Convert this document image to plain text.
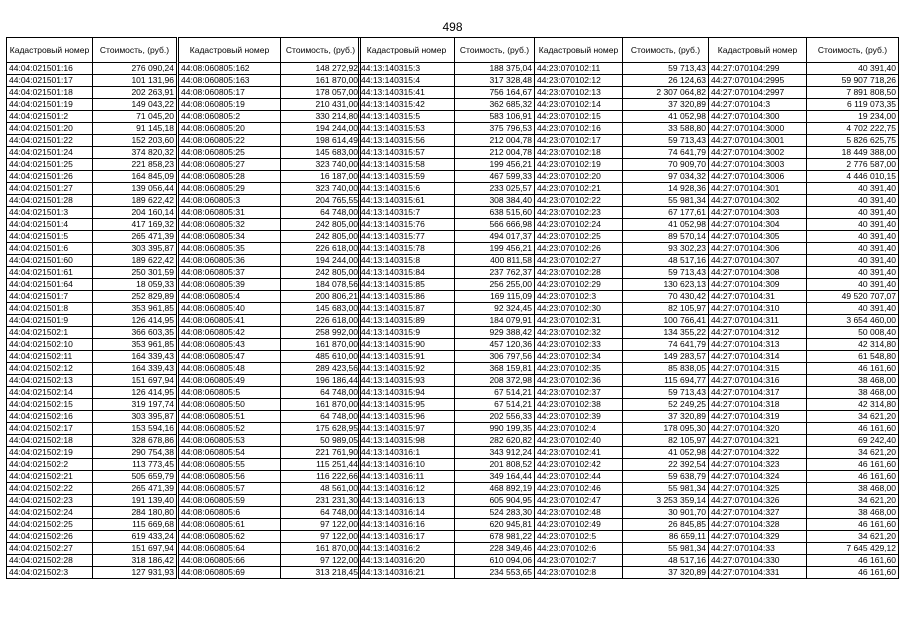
498
Кадастровый номер	Стоимость, (руб.)
44:04:021501:16	276 090,24
44:04:021501:17	101 131,96
44:04:021501:18	202 263,91
44:04:021501:19	149 043,22
44:04:021501:2	71 045,20
44:04:021501:20	91 145,18
44:04:021501:22	152 203,60
44:04:021501:24	374 820,32
44:04:021501:25	221 858,23
44:04:021501:26	164 845,09
44:04:021501:27	139 056,44
44:04:021501:28	189 622,42
44:04:021501:3	204 160,14
44:04:021501:4	417 169,32
44:04:021501:5	265 471,39
44:04:021501:6	303 395,87
44:04:021501:60	189 622,42
44:04:021501:61	250 301,59
44:04:021501:64	18 059,33
44:04:021501:7	252 829,89
44:04:021501:8	353 961,85
44:04:021501:9	126 414,95
44:04:021502:1	366 603,35
44:04:021502:10	353 961,85
44:04:021502:11	164 339,43
44:04:021502:12	164 339,43
44:04:021502:13	151 697,94
44:04:021502:14	126 414,95
44:04:021502:15	319 197,74
44:04:021502:16	303 395,87
44:04:021502:17	153 594,16
44:04:021502:18	328 678,86
44:04:021502:19	290 754,38
44:04:021502:2	113 773,45
44:04:021502:21	505 659,79
44:04:021502:22	265 471,39
44:04:021502:23	191 139,40
44:04:021502:24	284 180,80
44:04:021502:25	115 669,68
44:04:021502:26	619 433,24
44:04:021502:27	151 697,94
44:04:021502:28	318 186,42
44:04:021502:3	127 931,93
Кадастровый номер	Стоимость, (руб.)
44:08:060805:162	148 272,92
44:08:060805:163	161 870,00
44:08:060805:17	178 057,00
44:08:060805:19	210 431,00
44:08:060805:2	330 214,80
44:08:060805:20	194 244,00
44:08:060805:22	198 614,49
44:08:060805:25	145 683,00
44:08:060805:27	323 740,00
44:08:060805:28	16 187,00
44:08:060805:29	323 740,00
44:08:060805:3	204 765,55
44:08:060805:31	64 748,00
44:08:060805:32	242 805,00
44:08:060805:34	242 805,00
44:08:060805:35	226 618,00
44:08:060805:36	194 244,00
44:08:060805:37	242 805,00
44:08:060805:39	184 078,56
44:08:060805:4	200 806,21
44:08:060805:40	145 683,00
44:08:060805:41	226 618,00
44:08:060805:42	258 992,00
44:08:060805:43	161 870,00
44:08:060805:47	485 610,00
44:08:060805:48	289 423,56
44:08:060805:49	196 186,44
44:08:060805:5	64 748,00
44:08:060805:50	161 870,00
44:08:060805:51	64 748,00
44:08:060805:52	175 628,95
44:08:060805:53	50 989,05
44:08:060805:54	221 761,90
44:08:060805:55	115 251,44
44:08:060805:56	116 222,66
44:08:060805:57	48 561,00
44:08:060805:59	231 231,30
44:08:060805:6	64 748,00
44:08:060805:61	97 122,00
44:08:060805:62	97 122,00
44:08:060805:64	161 870,00
44:08:060805:66	97 122,00
44:08:060805:69	313 218,45
Кадастровый номер	Стоимость, (руб.)
44:13:140315:3	188 375,04
44:13:140315:4	317 328,48
44:13:140315:41	756 164,67
44:13:140315:42	362 685,32
44:13:140315:5	583 106,91
44:13:140315:53	375 796,53
44:13:140315:56	212 004,78
44:13:140315:57	212 004,78
44:13:140315:58	199 456,21
44:13:140315:59	467 599,33
44:13:140315:6	233 025,57
44:13:140315:61	308 384,40
44:13:140315:7	638 515,60
44:13:140315:76	566 666,98
44:13:140315:77	494 017,37
44:13:140315:78	199 456,21
44:13:140315:8	400 811,58
44:13:140315:84	237 762,37
44:13:140315:85	256 255,00
44:13:140315:86	169 115,09
44:13:140315:87	92 324,45
44:13:140315:89	184 079,91
44:13:140315:9	929 388,42
44:13:140315:90	457 120,36
44:13:140315:91	306 797,56
44:13:140315:92	368 159,81
44:13:140315:93	208 372,98
44:13:140315:94	67 514,21
44:13:140315:95	67 514,21
44:13:140315:96	202 556,33
44:13:140315:97	990 199,35
44:13:140315:98	282 620,82
44:13:140316:1	343 912,24
44:13:140316:10	201 808,52
44:13:140316:11	349 164,44
44:13:140316:12	468 892,19
44:13:140316:13	605 904,95
44:13:140316:14	524 283,30
44:13:140316:16	620 945,81
44:13:140316:17	678 981,22
44:13:140316:2	228 349,46
44:13:140316:20	610 094,06
44:13:140316:21	234 553,65
Кадастровый номер	Стоимость, (руб.)
44:23:070102:11	59 713,43
44:23:070102:12	26 124,63
44:23:070102:13	2 307 064,82
44:23:070102:14	37 320,89
44:23:070102:15	41 052,98
44:23:070102:16	33 588,80
44:23:070102:17	59 713,43
44:23:070102:18	74 641,79
44:23:070102:19	70 909,70
44:23:070102:20	97 034,32
44:23:070102:21	14 928,36
44:23:070102:22	55 981,34
44:23:070102:23	67 177,61
44:23:070102:24	41 052,98
44:23:070102:25	89 570,14
44:23:070102:26	93 302,23
44:23:070102:27	48 517,16
44:23:070102:28	59 713,43
44:23:070102:29	130 623,13
44:23:070102:3	70 430,42
44:23:070102:30	82 105,97
44:23:070102:31	100 766,41
44:23:070102:32	134 355,22
44:23:070102:33	74 641,79
44:23:070102:34	149 283,57
44:23:070102:35	85 838,05
44:23:070102:36	115 694,77
44:23:070102:37	59 713,43
44:23:070102:38	52 249,25
44:23:070102:39	37 320,89
44:23:070102:4	178 095,30
44:23:070102:40	82 105,97
44:23:070102:41	41 052,98
44:23:070102:42	22 392,54
44:23:070102:44	59 638,79
44:23:070102:46	55 981,34
44:23:070102:47	3 253 359,14
44:23:070102:48	30 901,70
44:23:070102:49	26 845,85
44:23:070102:5	86 659,11
44:23:070102:6	55 981,34
44:23:070102:7	48 517,16
44:23:070102:8	37 320,89
Кадастровый номер	Стоимость, (руб.)
44:27:070104:299	40 391,40
44:27:070104:2995	59 907 718,26
44:27:070104:2997	7 891 808,50
44:27:070104:3	6 119 073,35
44:27:070104:300	19 234,00
44:27:070104:3000	4 702 222,75
44:27:070104:3001	5 826 625,75
44:27:070104:3002	18 449 388,00
44:27:070104:3003	2 776 587,00
44:27:070104:3006	4 446 010,15
44:27:070104:301	40 391,40
44:27:070104:302	40 391,40
44:27:070104:303	40 391,40
44:27:070104:304	40 391,40
44:27:070104:305	40 391,40
44:27:070104:306	40 391,40
44:27:070104:307	40 391,40
44:27:070104:308	40 391,40
44:27:070104:309	40 391,40
44:27:070104:31	49 520 707,07
44:27:070104:310	40 391,40
44:27:070104:311	3 654 460,00
44:27:070104:312	50 008,40
44:27:070104:313	42 314,80
44:27:070104:314	61 548,80
44:27:070104:315	46 161,60
44:27:070104:316	38 468,00
44:27:070104:317	38 468,00
44:27:070104:318	42 314,80
44:27:070104:319	34 621,20
44:27:070104:320	46 161,60
44:27:070104:321	69 242,40
44:27:070104:322	34 621,20
44:27:070104:323	46 161,60
44:27:070104:324	46 161,60
44:27:070104:325	38 468,00
44:27:070104:326	34 621,20
44:27:070104:327	38 468,00
44:27:070104:328	46 161,60
44:27:070104:329	34 621,20
44:27:070104:33	7 645 429,12
44:27:070104:330	46 161,60
44:27:070104:331	46 161,60
